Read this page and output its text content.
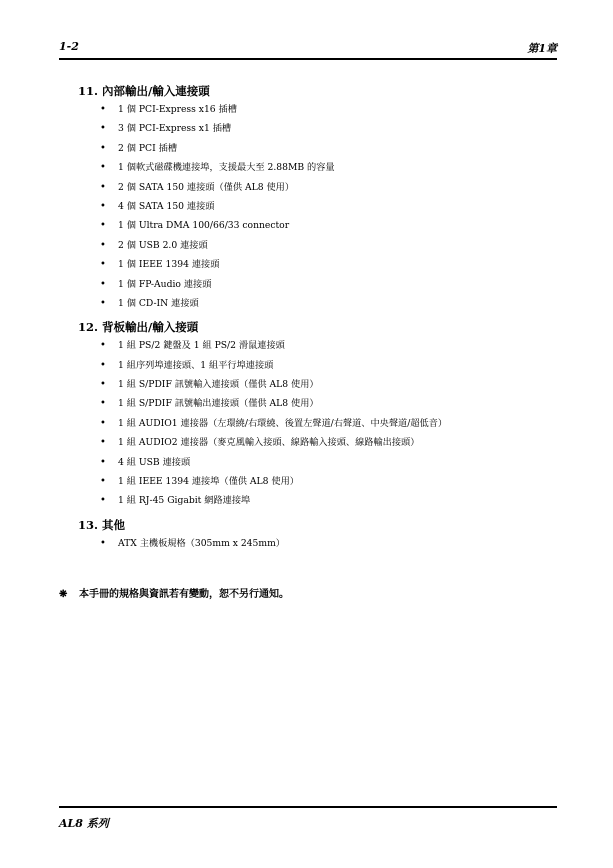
1-2	第1章

11. 內部輸出/輸入連接頭

• 1 個 PCI-Express x16 插槽
• 3 個 PCI-Express x1 插槽
• 2 個 PCI 插槽
• 1 個軟式磁碟機連接埠，支援最大至 2.88MB 的容量
• 2 個 SATA 150 連接頭（僅供 AL8 使用）
• 4 個 SATA 150 連接頭
• 1 個 Ultra DMA 100/66/33 connector
• 2 個 USB 2.0 連接頭
• 1 個 IEEE 1394 連接頭
• 1 個 FP-Audio 連接頭
• 1 個 CD-IN 連接頭

12. 背板輸出/輸入接頭

• 1 組 PS/2 鍵盤及 1 組 PS/2 滑鼠連接頭
• 1 組序列埠連接頭、1 組平行埠連接頭
• 1 組 S/PDIF 訊號輸入連接頭（僅供 AL8 使用）
• 1 組 S/PDIF 訊號輸出連接頭（僅供 AL8 使用）
• 1 組 AUDIO1 連接器（左環繞/右環繞、後置左聲道/右聲道、中央聲道/超低音）
• 1 組 AUDIO2 連接器（麥克風輸入接頭、線路輸入接頭、線路輸出接頭）
• 4 組 USB 連接頭
• 1 組 IEEE 1394 連接埠（僅供 AL8 使用）
• 1 組 RJ-45 Gigabit 網路連接埠

13. 其他

• ATX 主機板規格（305mm x 245mm）
❋ 本手冊的規格與資訊若有變動，恕不另行通知。
AL8 系列
